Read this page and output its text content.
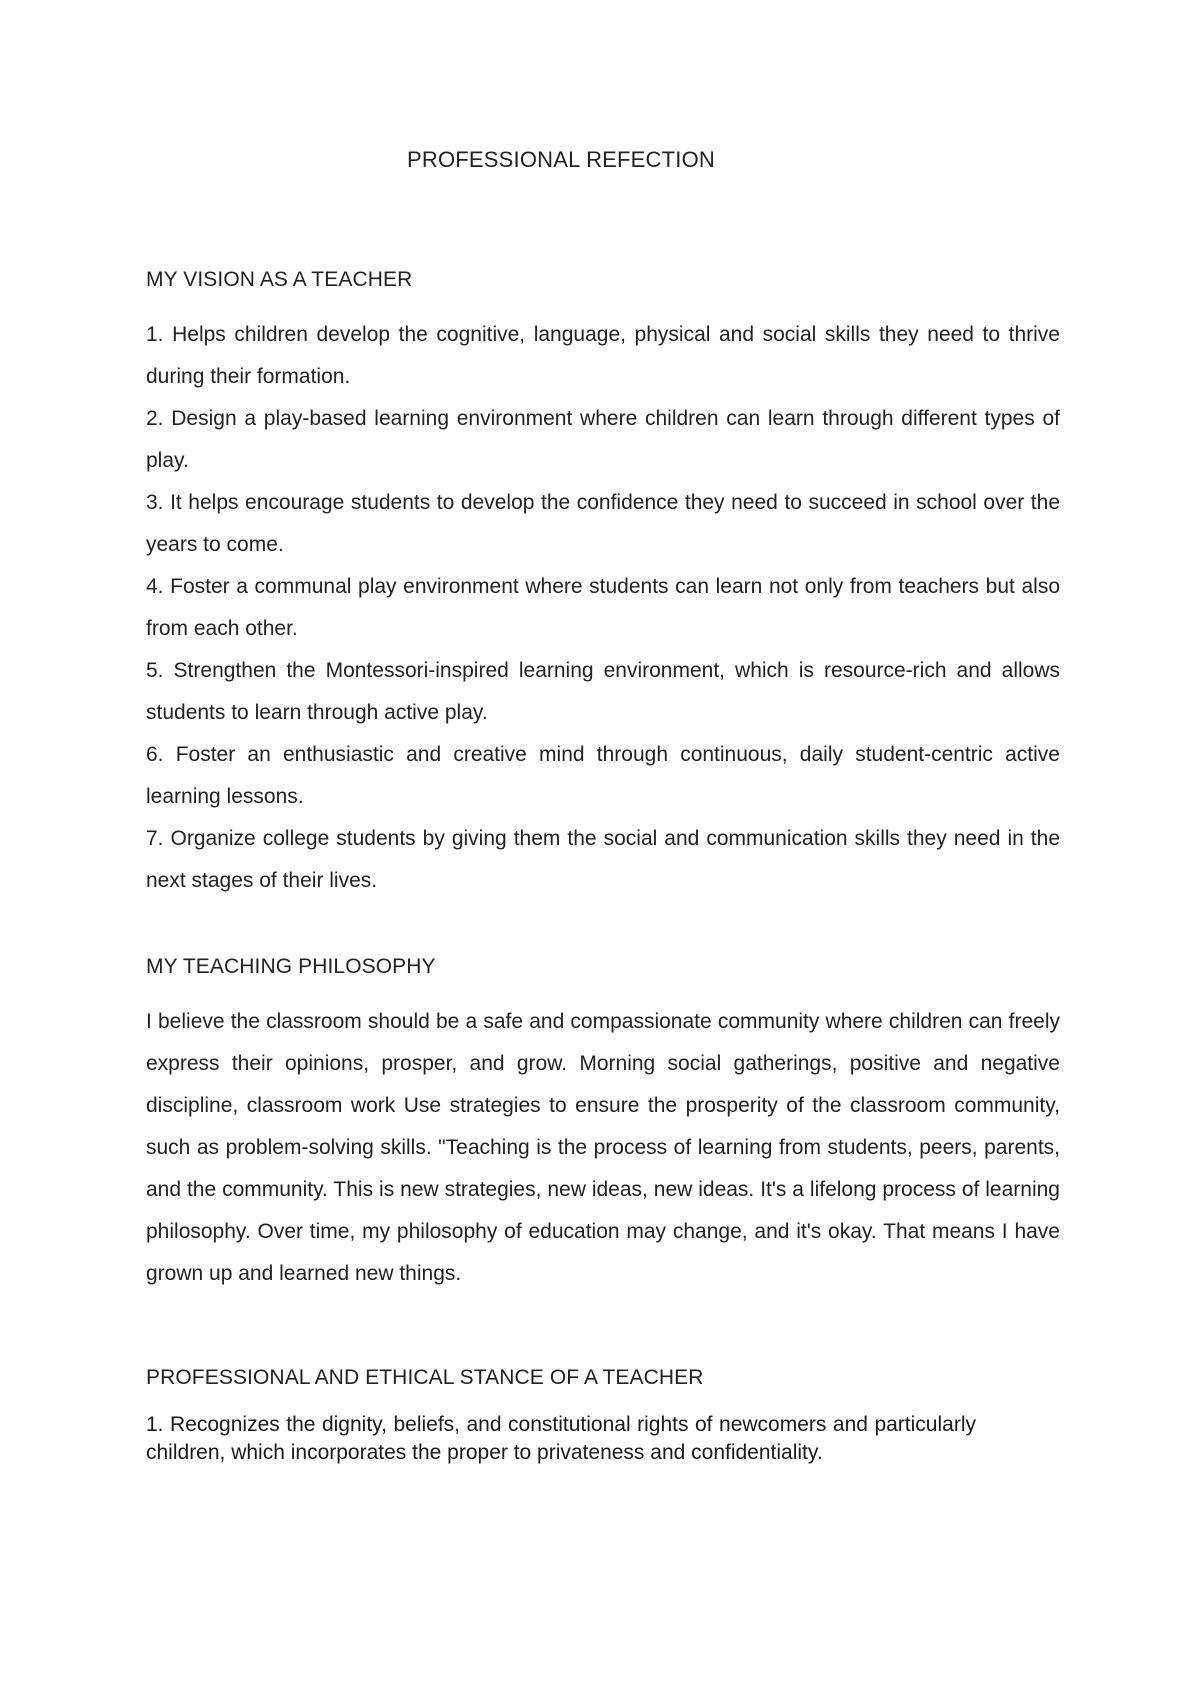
PROFESSIONAL REFECTION
MY VISION AS A TEACHER

1. Helps children develop the cognitive, language, physical and social skills they need to thrive during their formation.

2. Design a play-based learning environment where children can learn through different types of play.

3. It helps encourage students to develop the confidence they need to succeed in school over the years to come.

4. Foster a communal play environment where students can learn not only from teachers but also from each other.

5. Strengthen the Montessori-inspired learning environment, which is resource-rich and allows students to learn through active play.

6. Foster an enthusiastic and creative mind through continuous, daily student-centric active learning lessons.

7. Organize college students by giving them the social and communication skills they need in the next stages of their lives.

MY TEACHING PHILOSOPHY

I believe the classroom should be a safe and compassionate community where children can freely express their opinions, prosper, and grow. Morning social gatherings, positive and negative discipline, classroom work Use strategies to ensure the prosperity of the classroom community, such as problem-solving skills. "Teaching is the process of learning from students, peers, parents, and the community. This is new strategies, new ideas, new ideas. It's a lifelong process of learning philosophy. Over time, my philosophy of education may change, and it's okay. That means I have grown up and learned new things.

PROFESSIONAL AND ETHICAL STANCE OF A TEACHER

1. Recognizes the dignity, beliefs, and constitutional rights of newcomers and particularly children, which incorporates the proper to privateness and confidentiality.
